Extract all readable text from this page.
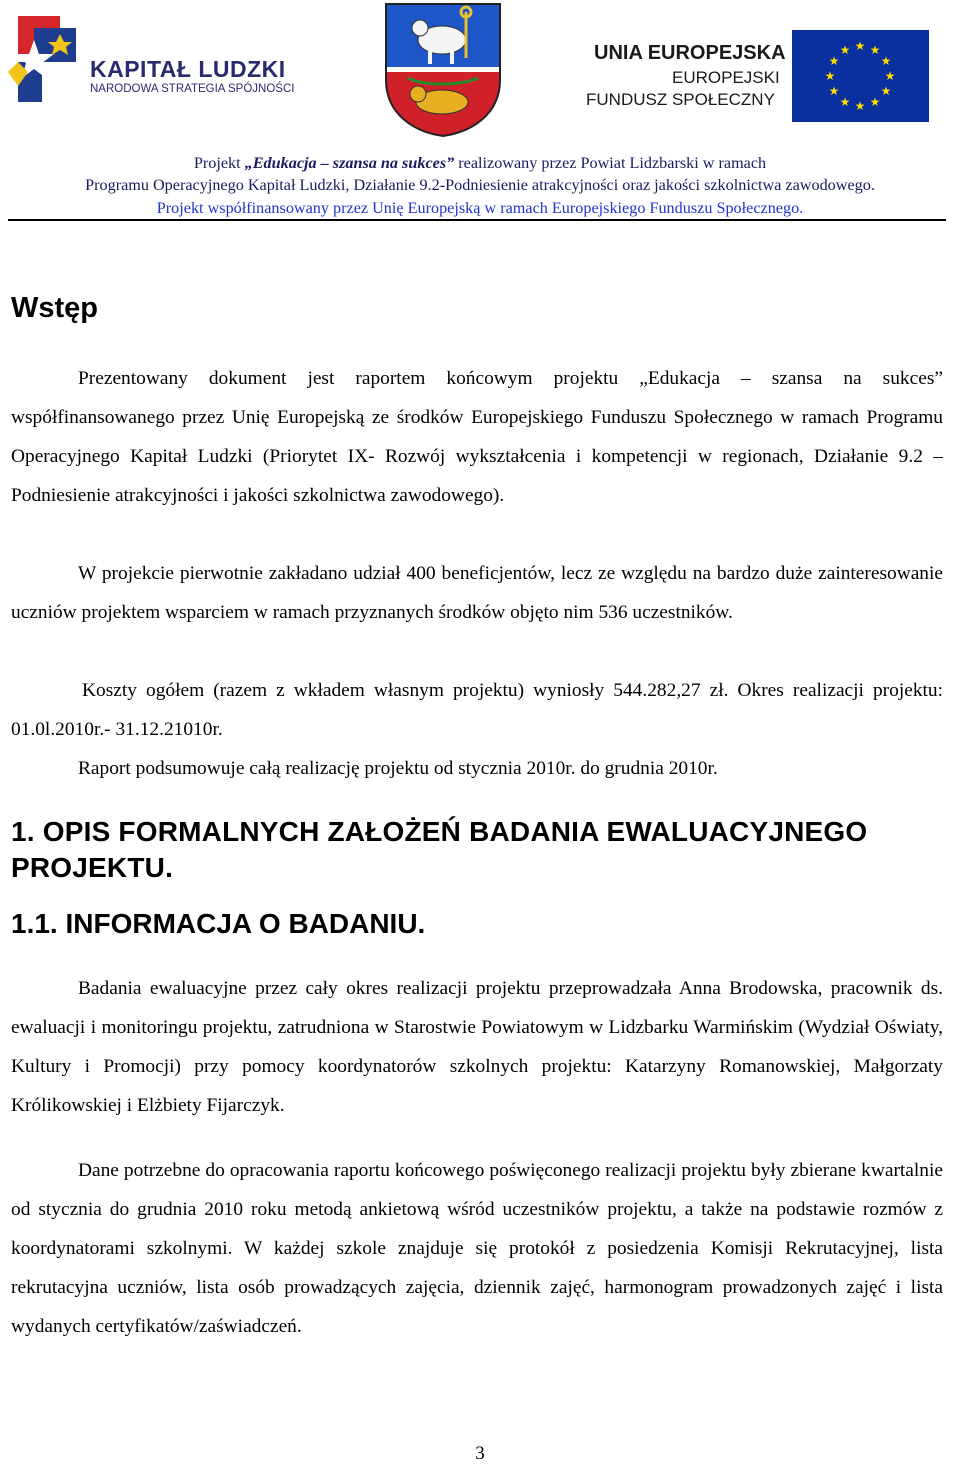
KAPITAŁ LUDZKI
NARODOWA STRATEGIA SPÓJNOŚCI
UNIA EUROPEJSKA
EUROPEJSKI
FUNDUSZ SPOŁECZNY
★ ★
★
★
★
★
★
★
★
★
★
★
Projekt „Edukacja – szansa na sukces” realizowany przez Powiat Lidzbarski w ramach
Programu Operacyjnego Kapitał Ludzki, Działanie 9.2-Podniesienie atrakcyjności oraz jakości szkolnictwa zawodowego.
Projekt współfinansowany przez Unię Europejską w ramach Europejskiego Funduszu Społecznego.
Wstęp

Prezentowany dokument jest raportem końcowym projektu „Edukacja – szansa na sukces” współfinansowanego przez Unię Europejską ze środków Europejskiego Funduszu Społecznego w ramach Programu Operacyjnego Kapitał Ludzki (Priorytet IX- Rozwój wykształcenia i kompetencji w regionach, Działanie 9.2 – Podniesienie atrakcyjności i jakości szkolnictwa zawodowego).

W projekcie pierwotnie zakładano udział 400 beneficjentów, lecz ze względu na bardzo duże zainteresowanie uczniów projektem wsparciem w ramach przyznanych środków objęto nim 536 uczestników.

Koszty ogółem (razem z wkładem własnym projektu) wyniosły 544.282,27 zł. Okres realizacji projektu: 01.0l.2010r.- 31.12.21010r.

Raport podsumowuje całą realizację projektu od stycznia 2010r. do grudnia 2010r.

1. OPIS FORMALNYCH ZAŁOŻEŃ BADANIA EWALUACYJNEGO PROJEKTU.
1.1. INFORMACJA O BADANIU.

Badania ewaluacyjne przez cały okres realizacji projektu przeprowadzała Anna Brodowska, pracownik ds. ewaluacji i monitoringu projektu, zatrudniona w Starostwie Powiatowym w Lidzbarku Warmińskim (Wydział Oświaty, Kultury i Promocji) przy pomocy koordynatorów szkolnych projektu: Katarzyny Romanowskiej, Małgorzaty Królikowskiej i Elżbiety Fijarczyk.

Dane potrzebne do opracowania raportu końcowego poświęconego realizacji projektu były zbierane kwartalnie od stycznia do grudnia 2010 roku metodą ankietową wśród uczestników projektu, a także na podstawie rozmów z koordynatorami szkolnymi. W każdej szkole znajduje się protokół z posiedzenia Komisji Rekrutacyjnej, lista rekrutacyjna uczniów, lista osób prowadzących zajęcia, dziennik zajęć, harmonogram prowadzonych zajęć i lista wydanych certyfikatów/zaświadczeń.

3
